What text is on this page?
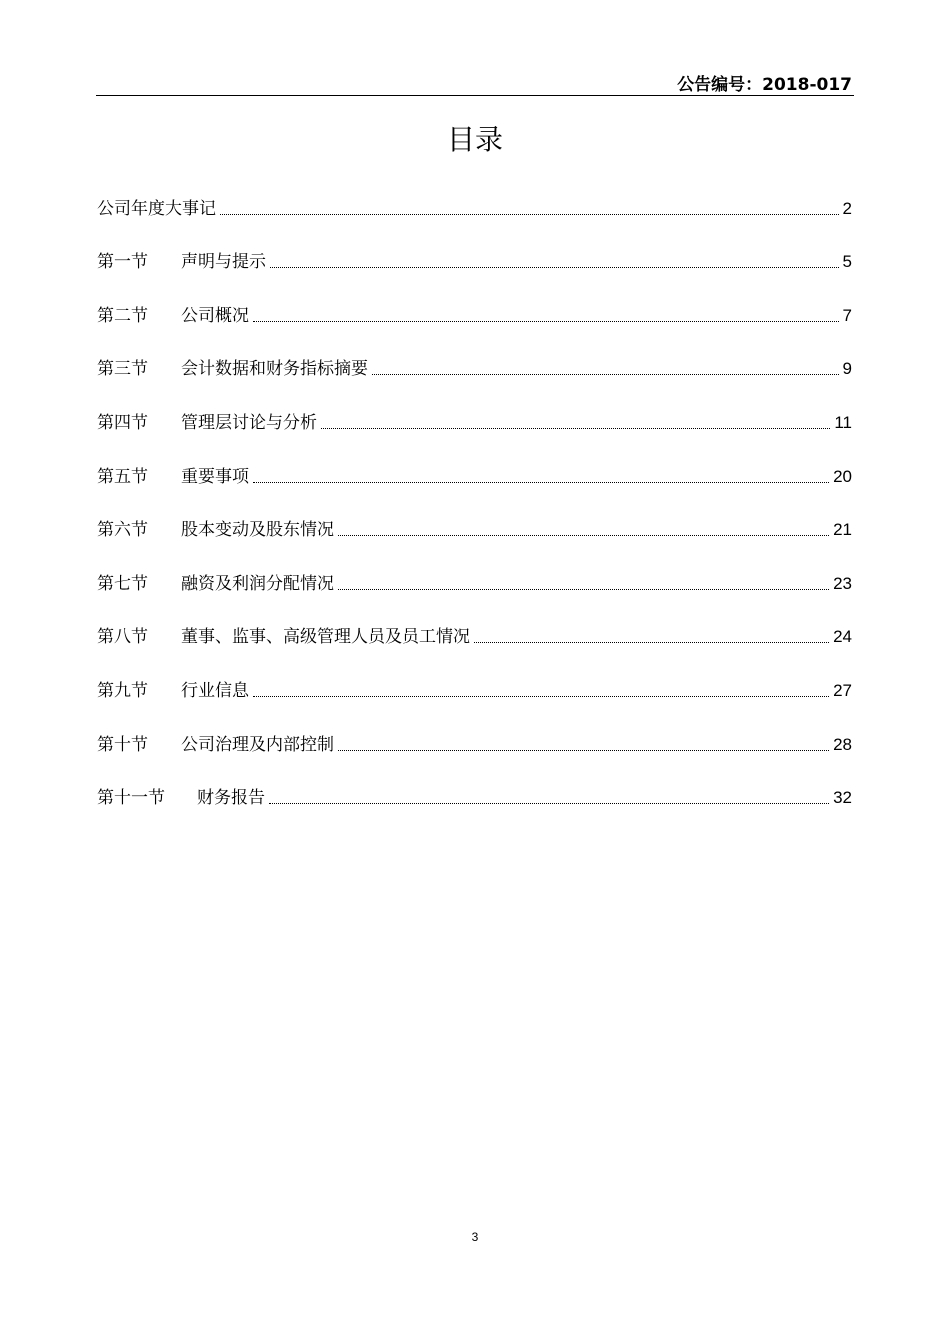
公告编号：2018-017
目录
公司年度大事记	2
第一节 声明与提示	5
第二节 公司概况	7
第三节 会计数据和财务指标摘要	9
第四节 管理层讨论与分析	11
第五节 重要事项	20
第六节 股本变动及股东情况	21
第七节 融资及利润分配情况	23
第八节 董事、监事、高级管理人员及员工情况	24
第九节 行业信息	27
第十节 公司治理及内部控制	28
第十一节 财务报告	32
3
